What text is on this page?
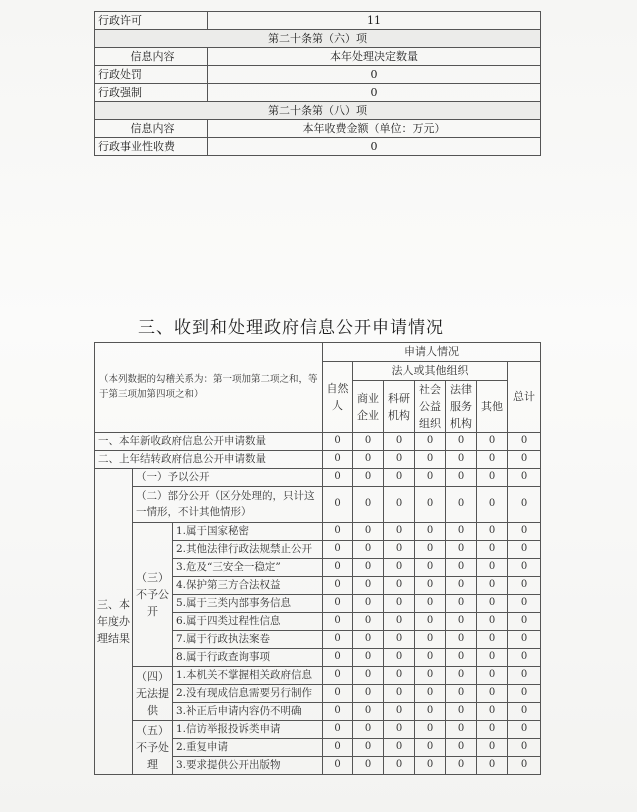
行政许可	11
第二十条第（六）项	
信息内容	本年处理决定数量
行政处罚	0
行政强制	0
第二十条第（八）项	
信息内容	本年收费金额（单位：万元）
行政事业性收费	0
三、收到和处理政府信息公开申请情况
（本列数据的勾稽关系为：第一项加第二项之和，等于第三项加第四项之和）			申请人情况						
			自然人	法人或其他组织					总计
				商业企业	科研机构	社会公益组织	法律服务机构	其他	
一、本年新收政府信息公开申请数量			0	0	0	0	0	0	0
二、上年结转政府信息公开申请数量			0	0	0	0	0	0	0
三、本年度办理结果	（一）予以公开		0	0	0	0	0	0	0
	（二）部分公开（区分处理的，只计这一情形，不计其他情形）		0	0	0	0	0	0	0
	（三）不予公开	1.属于国家秘密	0	0	0	0	0	0	0
		2.其他法律行政法规禁止公开	0	0	0	0	0	0	0
		3.危及“三安全一稳定”	0	0	0	0	0	0	0
		4.保护第三方合法权益	0	0	0	0	0	0	0
		5.属于三类内部事务信息	0	0	0	0	0	0	0
		6.属于四类过程性信息	0	0	0	0	0	0	0
		7.属于行政执法案卷	0	0	0	0	0	0	0
		8.属于行政查询事项	0	0	0	0	0	0	0
	（四）无法提供	1.本机关不掌握相关政府信息	0	0	0	0	0	0	0
		2.没有现成信息需要另行制作	0	0	0	0	0	0	0
		3.补正后申请内容仍不明确	0	0	0	0	0	0	0
	（五）不予处理	1.信访举报投诉类申请	0	0	0	0	0	0	0
		2.重复申请	0	0	0	0	0	0	0
		3.要求提供公开出版物	0	0	0	0	0	0	0
